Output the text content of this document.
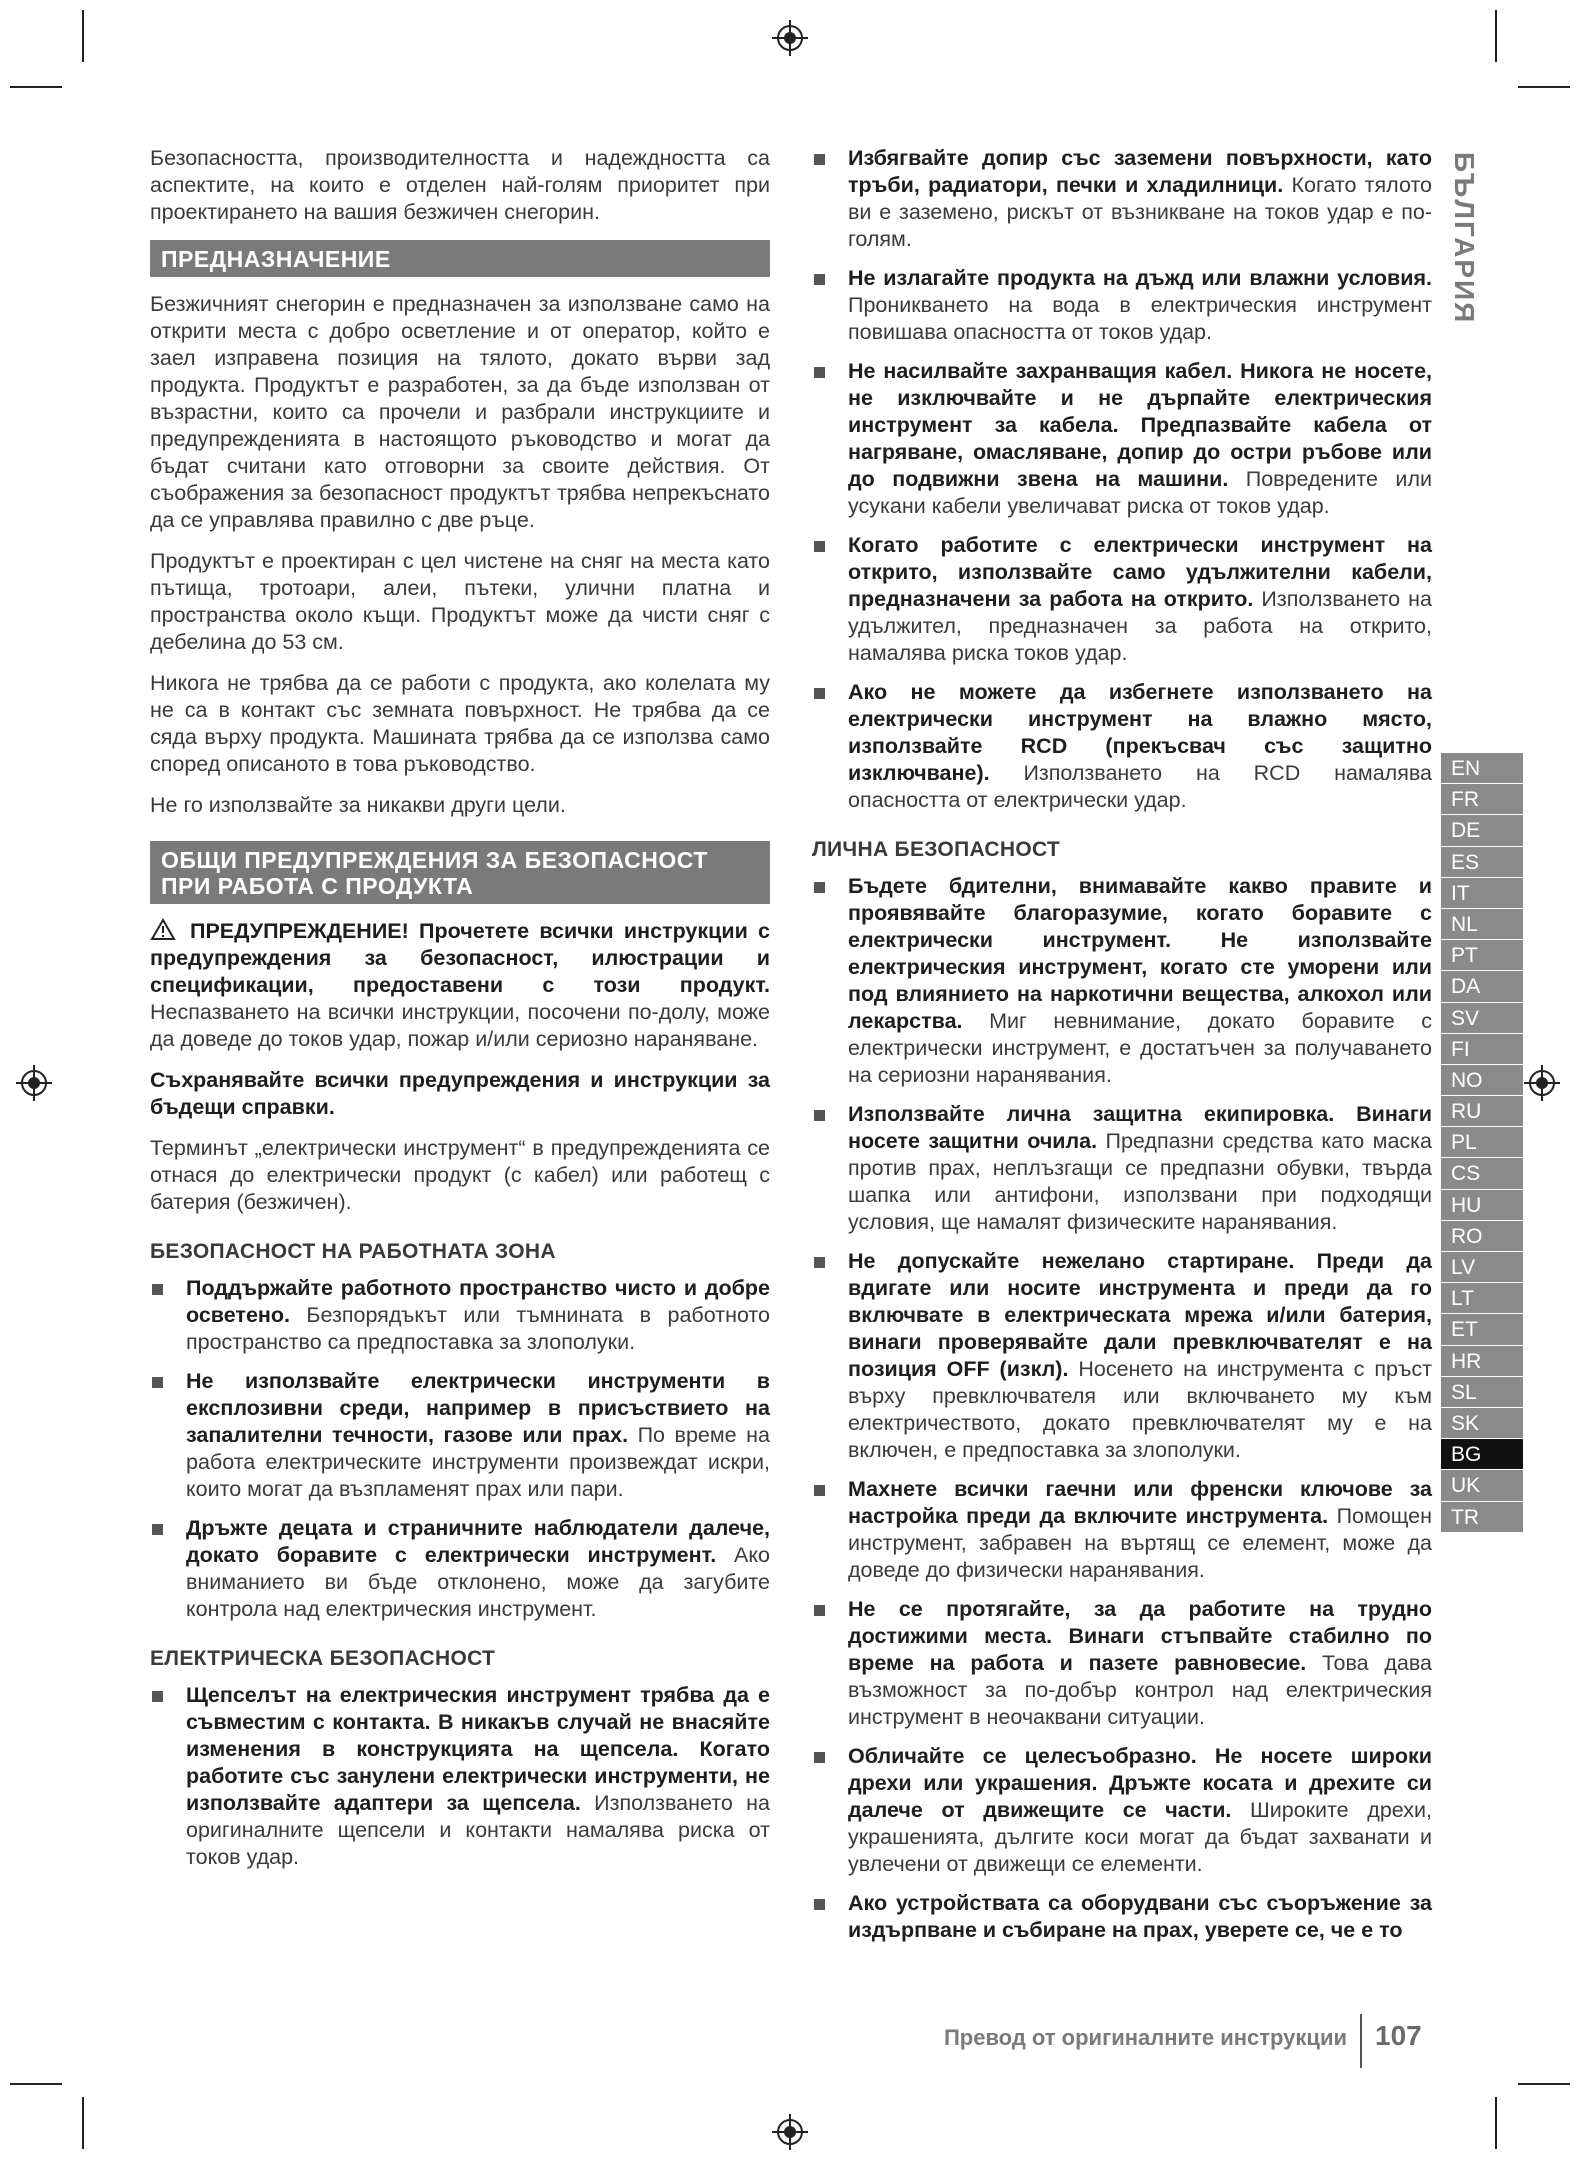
БЪЛГАРИЯ

Безопасността, производителността и надеждността са аспектите, на които е отделен най-голям приоритет при проектирането на вашия безжичен снегорин.

ПРЕДНАЗНАЧЕНИЕ

Безжичният снегорин е предназначен за използване само на открити места с добро осветление и от оператор, който е заел изправена позиция на тялото, докато върви зад продукта. Продуктът е разработен, за да бъде използван от възрастни, които са прочели и разбрали инструкциите и предупрежденията в настоящото ръководство и могат да бъдат считани като отговорни за своите действия. От съображения за безопасност продуктът трябва непрекъснато да се управлява правилно с две ръце.

Продуктът е проектиран с цел чистене на сняг на места като пътища, тротоари, алеи, пътеки, улични платна и пространства около къщи. Продуктът може да чисти сняг с дебелина до 53 см.

Никога не трябва да се работи с продукта, ако колелата му не са в контакт със земната повърхност. Не трябва да се сяда върху продукта. Машината трябва да се използва само според описаното в това ръководство.

Не го използвайте за никакви други цели.

ОБЩИ ПРЕДУПРЕЖДЕНИЯ ЗА БЕЗОПАСНОСТ
ПРИ РАБОТА С ПРОДУКТА

ПРЕДУПРЕЖДЕНИЕ! Прочетете всички инструкции с предупреждения за безопасност, илюстрации и спецификации, предоставени с този продукт. Неспазването на всички инструкции, посочени по-долу, може да доведе до токов удар, пожар и/или сериозно нараняване.

Съхранявайте всички предупреждения и инструкции за бъдещи справки.

Терминът „електрически инструмент“ в предупрежденията се отнася до електрически продукт (с кабел) или работещ с батерия (безжичен).

БЕЗОПАСНОСТ НА РАБОТНАТА ЗОНА
Поддържайте работното пространство чисто и добре осветено. Безпорядъкът или тъмнината в работното пространство са предпоставка за злополуки.
Не използвайте електрически инструменти в експлозивни среди, например в присъствието на запалителни течности, газове или прах. По време на работа електрическите инструменти произвеждат искри, които могат да възпламенят прах или пари.
Дръжте децата и страничните наблюдатели далече, докато боравите с електрически инструмент. Ако вниманието ви бъде отклонено, може да загубите контрола над електрическия инструмент.
ЕЛЕКТРИЧЕСКА БЕЗОПАСНОСТ
Щепселът на електрическия инструмент трябва да е съвместим с контакта. В никакъв случай не внасяйте изменения в конструкцията на щепсела. Когато работите със занулени електрически инструменти, не използвайте адаптери за щепсела. Използването на оригиналните щепсели и контакти намалява риска от токов удар.
Избягвайте допир със заземени повърхности, като тръби, радиатори, печки и хладилници. Когато тялото ви е заземено, рискът от възникване на токов удар е по-голям.
Не излагайте продукта на дъжд или влажни условия. Проникването на вода в електрическия инструмент повишава опасността от токов удар.
Не насилвайте захранващия кабел. Никога не носете, не изключвайте и не дърпайте електрическия инструмент за кабела. Предпазвайте кабела от нагряване, омасляване, допир до остри ръбове или до подвижни звена на машини. Повредените или усукани кабели увеличават риска от токов удар.
Когато работите с електрически инструмент на открито, използвайте само удължителни кабели, предназначени за работа на открито. Използването на удължител, предназначен за работа на открито, намалява риска токов удар.
Ако не можете да избегнете използването на електрически инструмент на влажно място, използвайте RCD (прекъсвач със защитно изключване). Използването на RCD намалява опасността от електрически удар.
ЛИЧНА БЕЗОПАСНОСТ
Бъдете бдителни, внимавайте какво правите и проявявайте благоразумие, когато боравите с електрически инструмент. Не използвайте електрическия инструмент, когато сте уморени или под влиянието на наркотични вещества, алкохол или лекарства. Миг невнимание, докато боравите с електрически инструмент, е достатъчен за получаването на сериозни наранявания.
Използвайте лична защитна екипировка. Винаги носете защитни очила. Предпазни средства като маска против прах, неплъзгащи се предпазни обувки, твърда шапка или антифони, използвани при подходящи условия, ще намалят физическите наранявания.
Не допускайте нежелано стартиране. Преди да вдигате или носите инструмента и преди да го включвате в електрическата мрежа и/или батерия, винаги проверявайте дали превключвателят е на позиция OFF (изкл). Носенето на инструмента с пръст върху превключвателя или включването му към електричеството, докато превключвателят му е на включен, е предпоставка за злополуки.
Махнете всички гаечни или френски ключове за настройка преди да включите инструмента. Помощен инструмент, забравен на въртящ се елемент, може да доведе до физически наранявания.
Не се протягайте, за да работите на трудно достижими места. Винаги стъпвайте стабилно по време на работа и пазете равновесие. Това дава възможност за по-добър контрол над електрическия инструмент в неочаквани ситуации.
Обличайте се целесъобразно. Не носете широки дрехи или украшения. Дръжте косата и дрехите си далече от движещите се части. Широките дрехи, украшенията, дългите коси могат да бъдат захванати и увлечени от движещи се елементи.
Ако устройствата са оборудвани със съоръжение за издърпване и събиране на прах, уверете се, че е то
EN
FR
DE
ES
IT
NL
PT
DA
SV
FI
NO
RU
PL
CS
HU
RO
LV
LT
ET
HR
SL
SK
BG
UK
TR
Превод от оригиналните инструкции 107
